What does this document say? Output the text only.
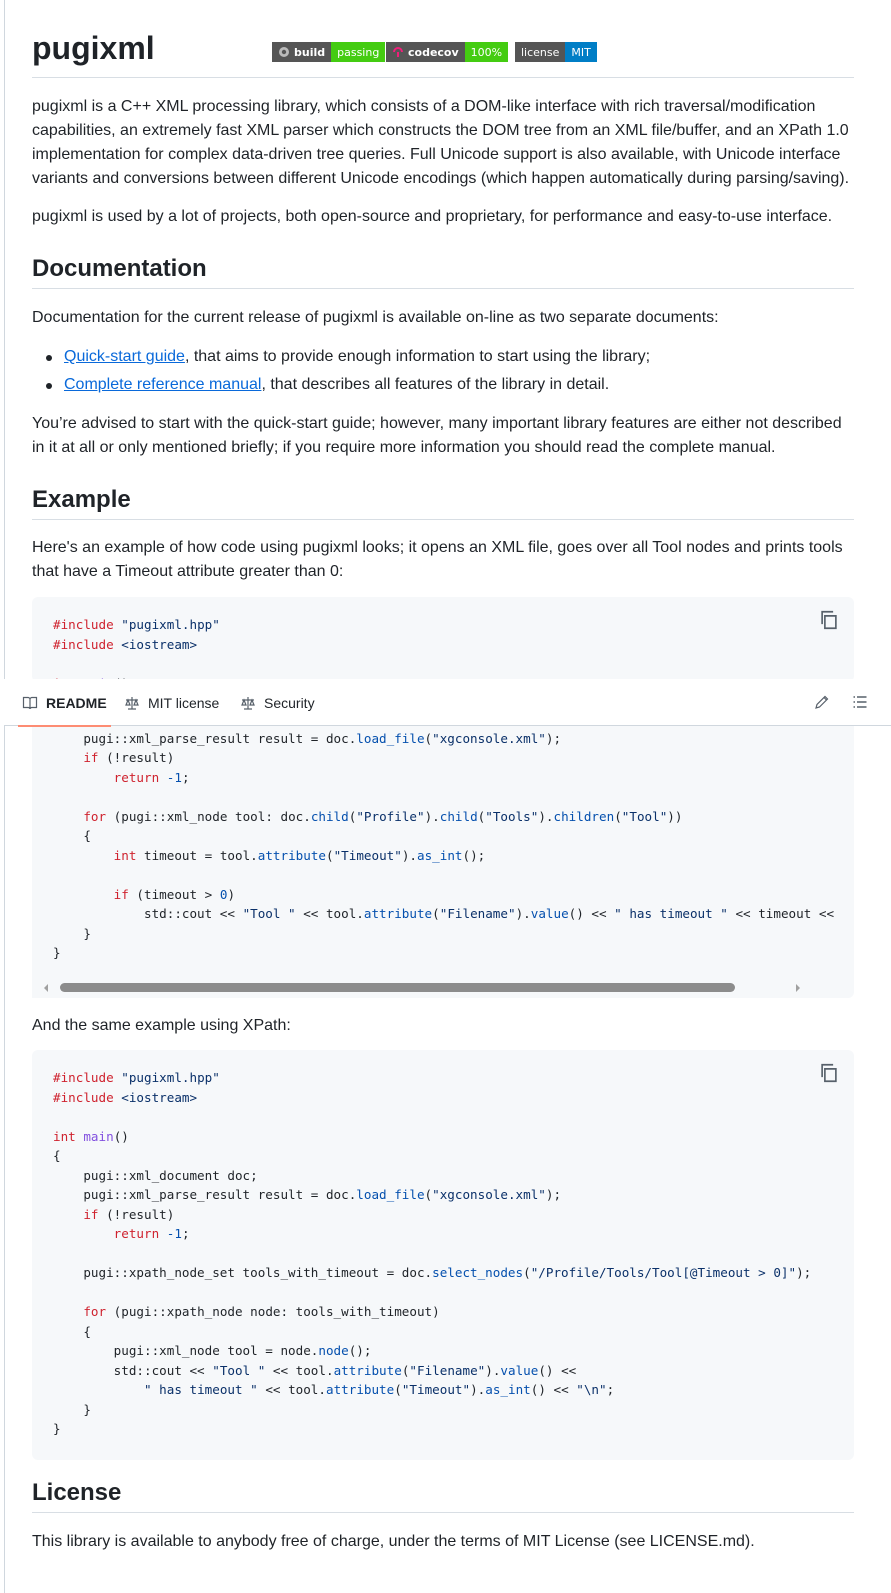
pugixml	build	passing	codecov	100%	license	MIT

pugixml is a C++ XML processing library, which consists of a DOM-like interface with rich traversal/modification capabilities, an extremely fast XML parser which constructs the DOM tree from an XML file/buffer, and an XPath 1.0 implementation for complex data-driven tree queries. Full Unicode support is also available, with Unicode interface variants and conversions between different Unicode encodings (which happen automatically during parsing/saving).

pugixml is used by a lot of projects, both open-source and proprietary, for performance and easy-to-use interface.

Documentation

Documentation for the current release of pugixml is available on-line as two separate documents:

Quick-start guide, that aims to provide enough information to start using the library;
Complete reference manual, that describes all features of the library in detail.

You’re advised to start with the quick-start guide; however, many important library features are either not described in it at all or only mentioned briefly; if you require more information you should read the complete manual.

Example

Here's an example of how code using pugixml looks; it opens an XML file, goes over all Tool nodes and prints tools that have a Timeout attribute greater than 0:

#include "pugixml.hpp"
#include <iostream>

pugi::xml_parse_result result = doc.load_file("xgconsole.xml");
if (!result)
return -1;

for (pugi::xml_node tool: doc.child("Profile").child("Tools").children("Tool"))
{
int timeout = tool.attribute("Timeout").as_int();

if (timeout > 0)
std::cout << "Tool " << tool.attribute("Filename").value() << " has timeout " << timeout <<
}
}

And the same example using XPath:

#include "pugixml.hpp"
#include <iostream>

int main()
{
pugi::xml_document doc;
pugi::xml_parse_result result = doc.load_file("xgconsole.xml");
if (!result)
return -1;

pugi::xpath_node_set tools_with_timeout = doc.select_nodes("/Profile/Tools/Tool[@Timeout > 0]");

for (pugi::xpath_node node: tools_with_timeout)
{
pugi::xml_node tool = node.node();
std::cout << "Tool " << tool.attribute("Filename").value() <<
" has timeout " << tool.attribute("Timeout").as_int() << "\n";
}
}
License

This library is available to anybody free of charge, under the terms of MIT License (see LICENSE.md).

README	MIT license	Security
